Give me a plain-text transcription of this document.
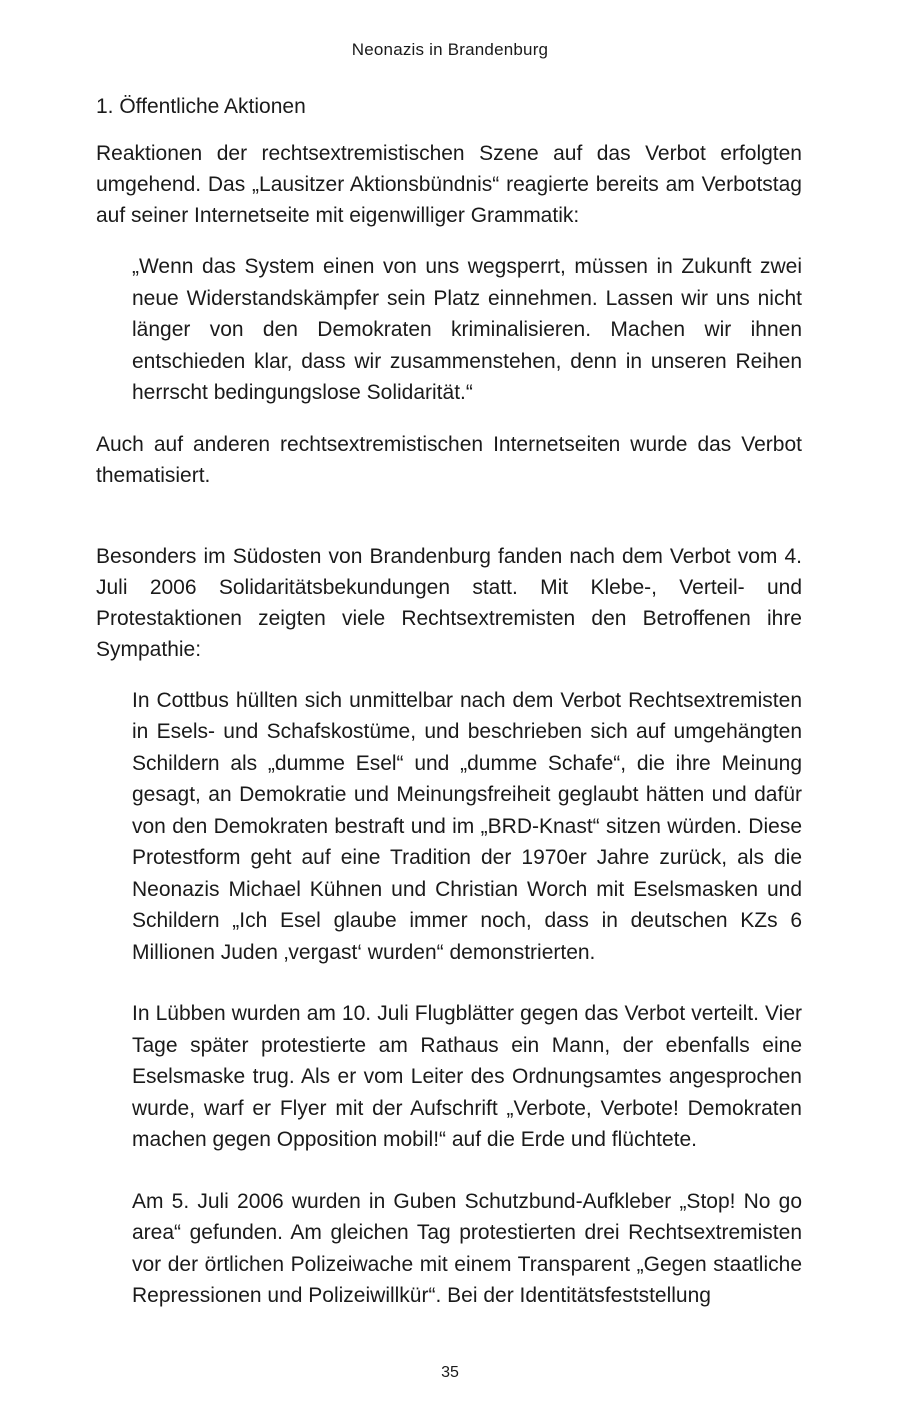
Neonazis in Brandenburg
1. Öffentliche Aktionen
Reaktionen der rechtsextremistischen Szene auf das Verbot erfolgten umgehend. Das „Lausitzer Aktionsbündnis“ reagierte bereits am Verbotstag auf seiner Internetseite mit eigenwilliger Grammatik:
„Wenn das System einen von uns wegsperrt, müssen in Zukunft zwei neue Widerstandskämpfer sein Platz einnehmen. Lassen wir uns nicht länger von den Demokraten kriminalisieren. Machen wir ihnen entschieden klar, dass wir zusammenstehen, denn in unseren Reihen herrscht bedingungslose Solidarität.“
Auch auf anderen rechtsextremistischen Internetseiten wurde das Verbot thematisiert.
Besonders im Südosten von Brandenburg fanden nach dem Verbot vom 4. Juli 2006 Solidaritätsbekundungen statt. Mit Klebe-, Verteil- und Protestaktionen zeigten viele Rechtsextremisten den Betroffenen ihre Sympathie:
In Cottbus hüllten sich unmittelbar nach dem Verbot Rechtsextremisten in Esels- und Schafskostüme, und beschrieben sich auf umgehängten Schildern als „dumme Esel“ und „dumme Schafe“, die ihre Meinung gesagt, an Demokratie und Meinungsfreiheit geglaubt hätten und dafür von den Demokraten bestraft und im „BRD-Knast“ sitzen würden. Diese Protestform geht auf eine Tradition der 1970er Jahre zurück, als die Neonazis Michael Kühnen und Christian Worch mit Eselsmasken und Schildern „Ich Esel glaube immer noch, dass in deutschen KZs 6 Millionen Juden ‚vergast‘ wurden“ demonstrierten.
In Lübben wurden am 10. Juli Flugblätter gegen das Verbot verteilt. Vier Tage später protestierte am Rathaus ein Mann, der ebenfalls eine Eselsmaske trug. Als er vom Leiter des Ordnungsamtes angesprochen wurde, warf er Flyer mit der Aufschrift „Verbote, Verbote! Demokraten machen gegen Opposition mobil!“ auf die Erde und flüchtete.
Am 5. Juli 2006 wurden in Guben Schutzbund-Aufkleber „Stop! No go area“ gefunden. Am gleichen Tag protestierten drei Rechtsextremisten vor der örtlichen Polizeiwache mit einem Transparent „Gegen staatliche Repressionen und Polizeiwillkür“. Bei der Identitätsfeststellung
35
